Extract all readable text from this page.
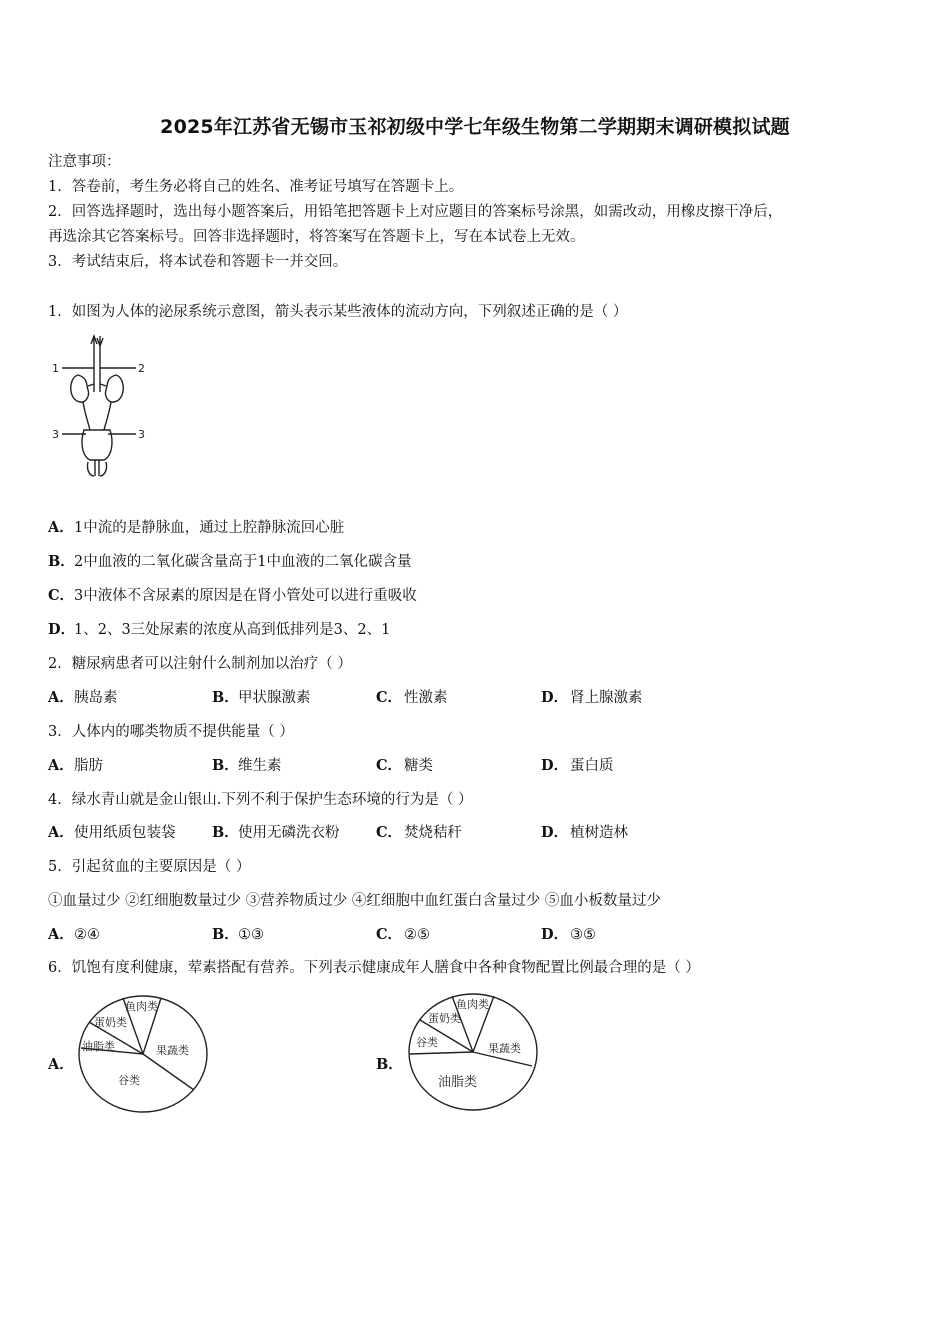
2025年江苏省无锡市玉祁初级中学七年级生物第二学期期末调研模拟试题
注意事项：
1．答卷前，考生务必将自己的姓名、准考证号填写在答题卡上。
2．回答选择题时，选出每小题答案后，用铅笔把答题卡上对应题目的答案标号涂黑，如需改动，用橡皮擦干净后，
再选涂其它答案标号。回答非选择题时，将答案写在答题卡上，写在本试卷上无效。
3．考试结束后，将本试卷和答题卡一并交回。
1．如图为人体的泌尿系统示意图，箭头表示某些液体的流动方向，下列叙述正确的是（ ）
1	2
3	3
A． 1中流的是静脉血，通过上腔静脉流回心脏
B． 2中血液的二氧化碳含量高于1中血液的二氧化碳含量
C． 3中液体不含尿素的原因是在肾小管处可以进行重吸收
D．
1、2、3三处尿素的浓度从高到低排列是3、2、1
2．糖尿病患者可以注射什么制剂加以治疗（ ）
A． 胰岛素	B． 甲状腺激素	C． 性激素	D． 肾上腺激素
3．人体内的哪类物质不提供能量（ ）
A． 脂肪	B． 维生素	C． 糖类	D． 蛋白质
4．绿水青山就是金山银山.下列不利于保护生态环境的行为是（ ）
A． 使用纸质包装袋	B． 使用无磷洗衣粉	C． 焚烧秸秆	D． 植树造林
5．引起贫血的主要原因是（ ）
①血量过少 ②红细胞数量过少 ③营养物质过少 ④红细胞中血红蛋白含量过少 ⑤血小板数量过少
A． ②④	B． ①③	C． ②⑤	D． ③⑤
6．饥饱有度利健康，荤素搭配有营养。下列表示健康成年人膳食中各种食物配置比例最合理的是（ ）
A．
鱼肉类
蛋奶类
油脂类	果蔬类
谷类
B．
鱼肉类
蛋奶类
谷类	果蔬类
油脂类
